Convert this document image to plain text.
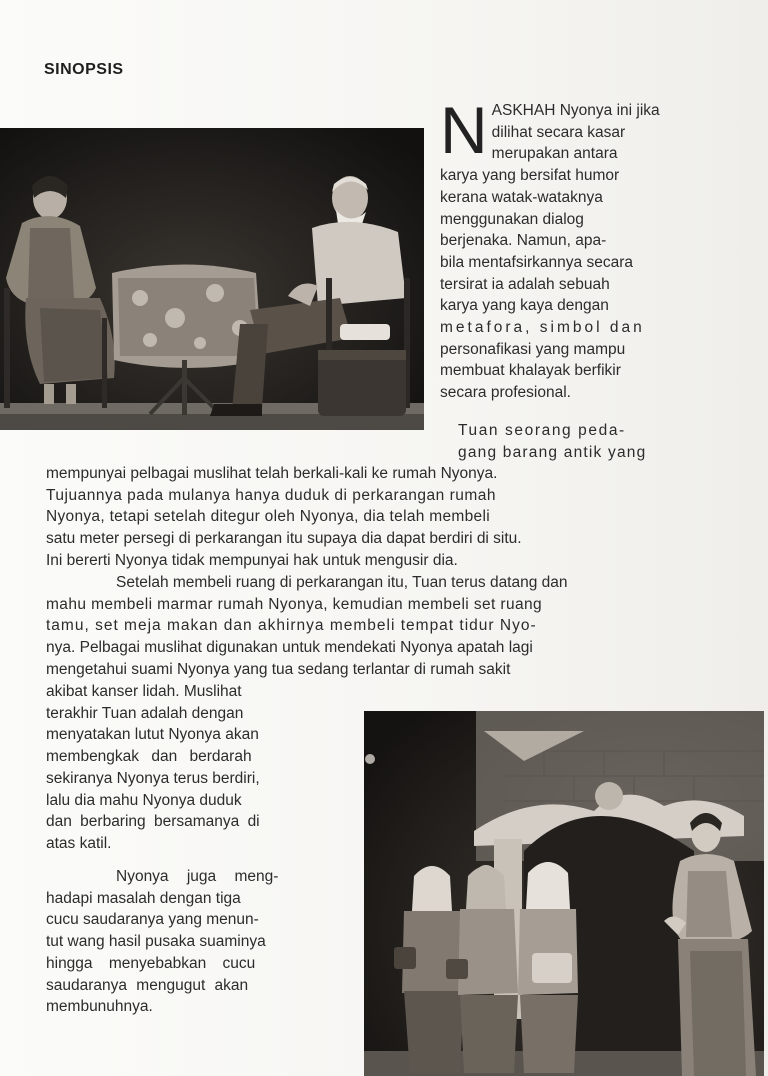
SINOPSIS
N ASKHAH Nyonya ini jika
dilihat secara kasar
merupakan antara
karya yang bersifat humor
kerana watak-wataknya
menggunakan dialog
berjenaka. Namun, apa-
bila mentafsirkannya secara
tersirat ia adalah sebuah
karya yang kaya dengan
metafora, simbol dan
personafikasi yang mampu
membuat khalayak berfikir
secara profesional.
Tuan seorang peda-
gang barang antik yang
mempunyai pelbagai muslihat telah berkali-kali ke rumah Nyonya.
Tujuannya pada mulanya hanya duduk di perkarangan rumah
Nyonya, tetapi setelah ditegur oleh Nyonya, dia telah membeli
satu meter persegi di perkarangan itu supaya dia dapat berdiri di situ.
Ini bererti Nyonya tidak mempunyai hak untuk mengusir dia.
Setelah membeli ruang di perkarangan itu, Tuan terus datang dan
mahu membeli marmar rumah Nyonya, kemudian membeli set ruang
tamu, set meja makan dan akhirnya membeli tempat tidur Nyo-
nya. Pelbagai muslihat digunakan untuk mendekati Nyonya apatah lagi
mengetahui suami Nyonya yang tua sedang terlantar di rumah sakit
akibat kanser lidah. Muslihat
terakhir Tuan adalah dengan
menyatakan lutut Nyonya akan
membengkak dan berdarah
sekiranya Nyonya terus berdiri,
lalu dia mahu Nyonya duduk
dan berbaring bersamanya di
atas katil.
Nyonya juga meng-
hadapi masalah dengan tiga
cucu saudaranya yang menun-
tut wang hasil pusaka suaminya
hingga menyebabkan cucu
saudaranya mengugut akan
membunuhnya.
